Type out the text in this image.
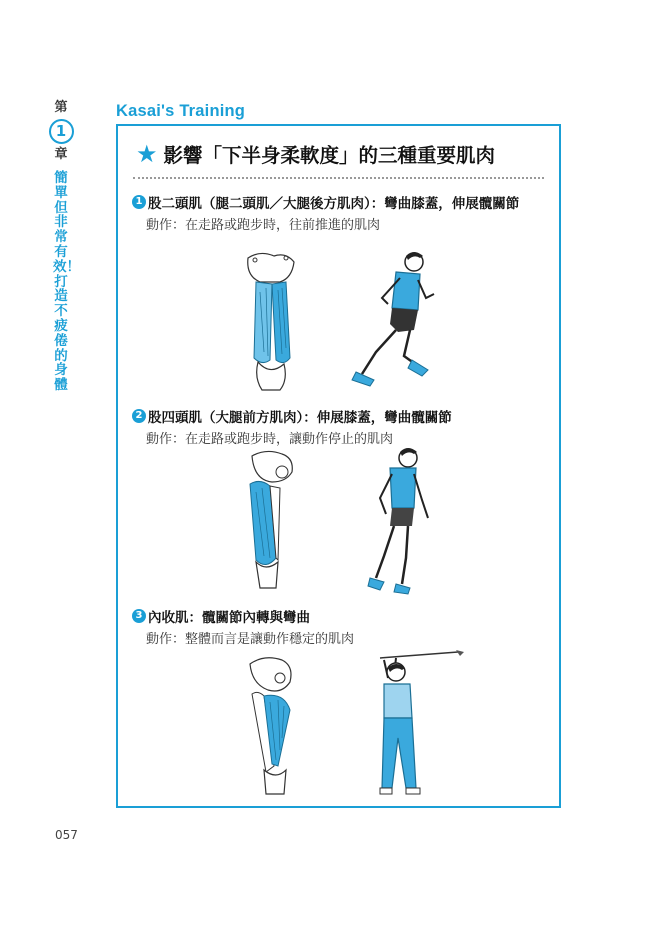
第
1
章
簡單但非常有效！打造不疲倦的身體
057
Kasai's Training
★ 影響「下半身柔軟度」的三種重要肌肉
1 股二頭肌（腿二頭肌／大腿後方肌肉）：彎曲膝蓋，伸展髖關節
動作：在走路或跑步時，往前推進的肌肉
2 股四頭肌（大腿前方肌肉）：伸展膝蓋，彎曲髖關節
動作：在走路或跑步時，讓動作停止的肌肉
3 內收肌：髖關節內轉與彎曲
動作：整體而言是讓動作穩定的肌肉
